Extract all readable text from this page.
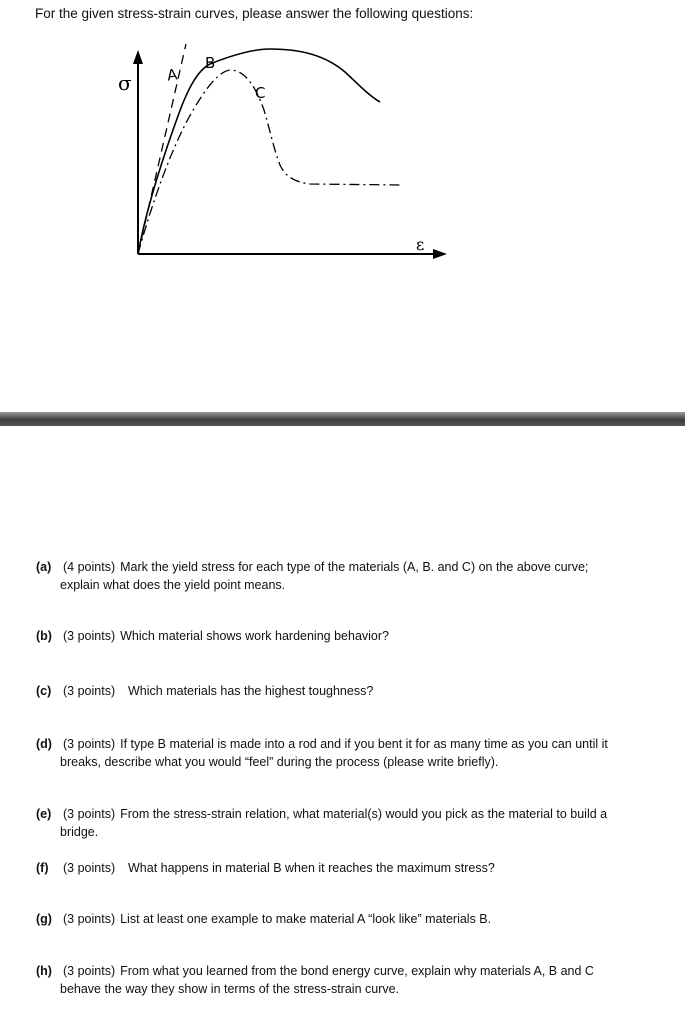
For the given stress-strain curves, please answer the following questions:
σ
ε
A
B
C
(a) (4 points) Mark the yield stress for each type of the materials (A, B. and C) on the above curve; explain what does the yield point means.
(b) (3 points) Which material shows work hardening behavior?
(c) (3 points) Which materials has the highest toughness?
(d) (3 points) If type B material is made into a rod and if you bent it for as many time as you can until it breaks, describe what you would “feel” during the process (please write briefly).
(e) (3 points) From the stress-strain relation, what material(s) would you pick as the material to build a bridge.
(f) (3 points) What happens in material B when it reaches the maximum stress?
(g) (3 points) List at least one example to make material A “look like” materials B.
(h) (3 points) From what you learned from the bond energy curve, explain why materials A, B and C behave the way they show in terms of the stress-strain curve.
